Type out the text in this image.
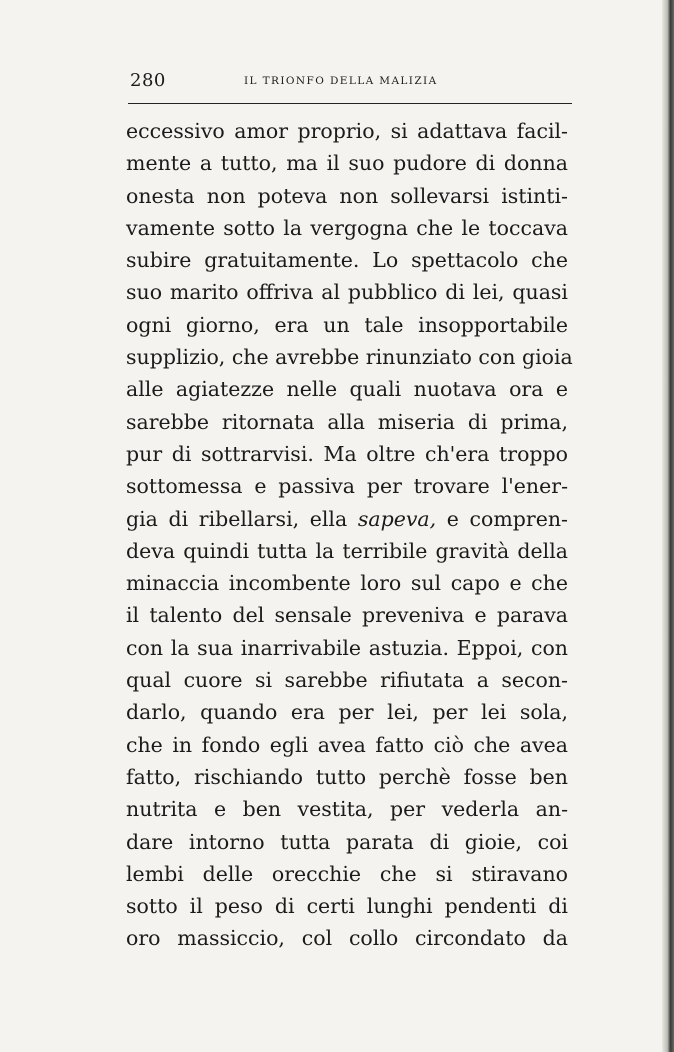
280	IL TRIONFO DELLA MALIZIA
eccessivo amor proprio, si adattava facil-
mente a tutto, ma il suo pudore di donna
onesta non poteva non sollevarsi istinti-
vamente sotto la vergogna che le toccava
subire gratuitamente. Lo spettacolo che
suo marito offriva al pubblico di lei, quasi
ogni giorno, era un tale insopportabile
supplizio, che avrebbe rinunziato con gioia
alle agiatezze nelle quali nuotava ora e
sarebbe ritornata alla miseria di prima,
pur di sottrarvisi. Ma oltre ch'era troppo
sottomessa e passiva per trovare l'ener-
gia di ribellarsi, ella sapeva, e compren-
deva quindi tutta la terribile gravità della
minaccia incombente loro sul capo e che
il talento del sensale preveniva e parava
con la sua inarrivabile astuzia. Eppoi, con
qual cuore si sarebbe rifiutata a secon-
darlo, quando era per lei, per lei sola,
che in fondo egli avea fatto ciò che avea
fatto, rischiando tutto perchè fosse ben
nutrita e ben vestita, per vederla an-
dare intorno tutta parata di gioie, coi
lembi delle orecchie che si stiravano
sotto il peso di certi lunghi pendenti di
oro massiccio, col collo circondato da
